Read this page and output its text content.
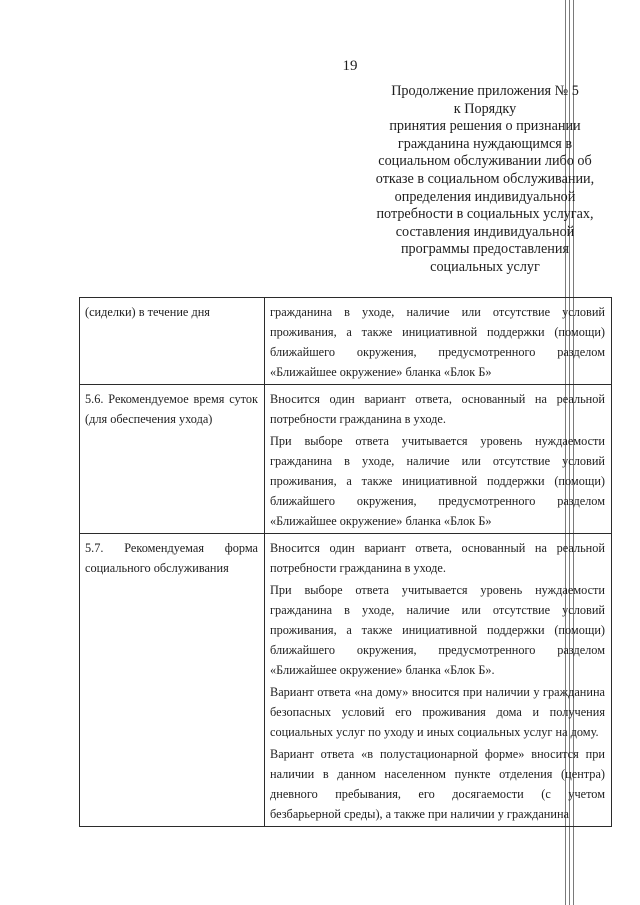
19
Продолжение приложения № 5
к Порядку
принятия решения о признании
гражданина нуждающимся в
социальном обслуживании либо об
отказе в социальном обслуживании,
определения индивидуальной
потребности в социальных услугах,
составления индивидуальной
программы предоставления
социальных услуг
(сиделки) в течение дня	гражданина в уходе, наличие или отсутствие условий проживания, а также инициативной поддержки (помощи) ближайшего окружения, предусмотренного разделом «Ближайшее окружение» бланка «Блок Б»

5.6. Рекомендуемое время суток (для обеспечения ухода)	Вносится один вариант ответа, основанный на реальной потребности гражданина в уходе.

При выборе ответа учитывается уровень нуждаемости гражданина в уходе, наличие или отсутствие условий проживания, а также инициативной поддержки (помощи) ближайшего окружения, предусмотренного разделом «Ближайшее окружение» бланка «Блок Б»

5.7. Рекомендуемая форма социального обслуживания	Вносится один вариант ответа, основанный на реальной потребности гражданина в уходе.

При выборе ответа учитывается уровень нуждаемости гражданина в уходе, наличие или отсутствие условий проживания, а также инициативной поддержки (помощи) ближайшего окружения, предусмотренного разделом «Ближайшее окружение» бланка «Блок Б».

Вариант ответа «на дому» вносится при наличии у гражданина безопасных условий его проживания дома и получения социальных услуг по уходу и иных социальных услуг на дому.

Вариант ответа «в полустационарной форме» вносится при наличии в данном населенном пункте отделения (центра) дневного пребывания, его досягаемости (с учетом безбарьерной среды), а также при наличии у гражданина
